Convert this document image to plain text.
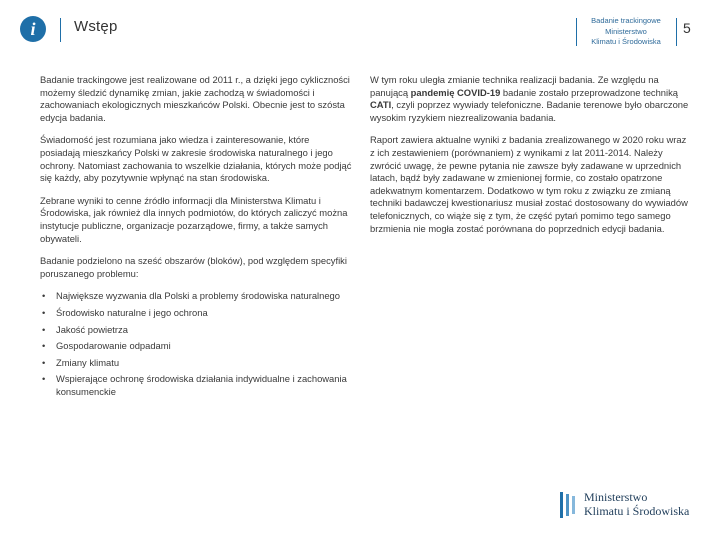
i	Wstęp	Badanie trackingowe
Ministerstwo
Klimatu i Środowiska
5

Badanie trackingowe jest realizowane od 2011 r., a dzięki jego cykliczności możemy śledzić dynamikę zmian, jakie zachodzą w świadomości i zachowaniach ekologicznych mieszkańców Polski. Obecnie jest to szósta edycja badania.

Świadomość jest rozumiana jako wiedza i zainteresowanie, które posiadają mieszkańcy Polski w zakresie środowiska naturalnego i jego ochrony. Natomiast zachowania to wszelkie działania, których może podjąć się każdy, aby pozytywnie wpłynąć na stan środowiska.

Zebrane wyniki to cenne źródło informacji dla Ministerstwa Klimatu i Środowiska, jak również dla innych podmiotów, do których zaliczyć można instytucje publiczne, organizacje pozarządowe, firmy, a także samych obywateli.

Badanie podzielono na sześć obszarów (bloków), pod względem specyfiki poruszanego problemu:

• Największe wyzwania dla Polski a problemy środowiska naturalnego
• Środowisko naturalne i jego ochrona
• Jakość powietrza
• Gospodarowanie odpadami
• Zmiany klimatu
• Wspierające ochronę środowiska działania indywidualne i zachowania konsumenckie

W tym roku uległa zmianie technika realizacji badania. Ze względu na panującą pandemię COVID-19 badanie zostało przeprowadzone techniką CATI, czyli poprzez wywiady telefoniczne. Badanie terenowe było obarczone wysokim ryzykiem niezrealizowania badania.

Raport zawiera aktualne wyniki z badania zrealizowanego w 2020 roku wraz z ich zestawieniem (porównaniem) z wynikami z lat 2011-2014. Należy zwrócić uwagę, że pewne pytania nie zawsze były zadawane w uprzednich latach, bądź były zadawane w zmienionej formie, co zostało opatrzone adekwatnym komentarzem. Dodatkowo w tym roku z związku ze zmianą techniki badawczej kwestionariusz musiał zostać dostosowany do wywiadów telefonicznych, co wiąże się z tym, że część pytań pomimo tego samego brzmienia nie mogła zostać porównana do poprzednich edycji badania.

Ministerstwo
Klimatu i Środowiska
